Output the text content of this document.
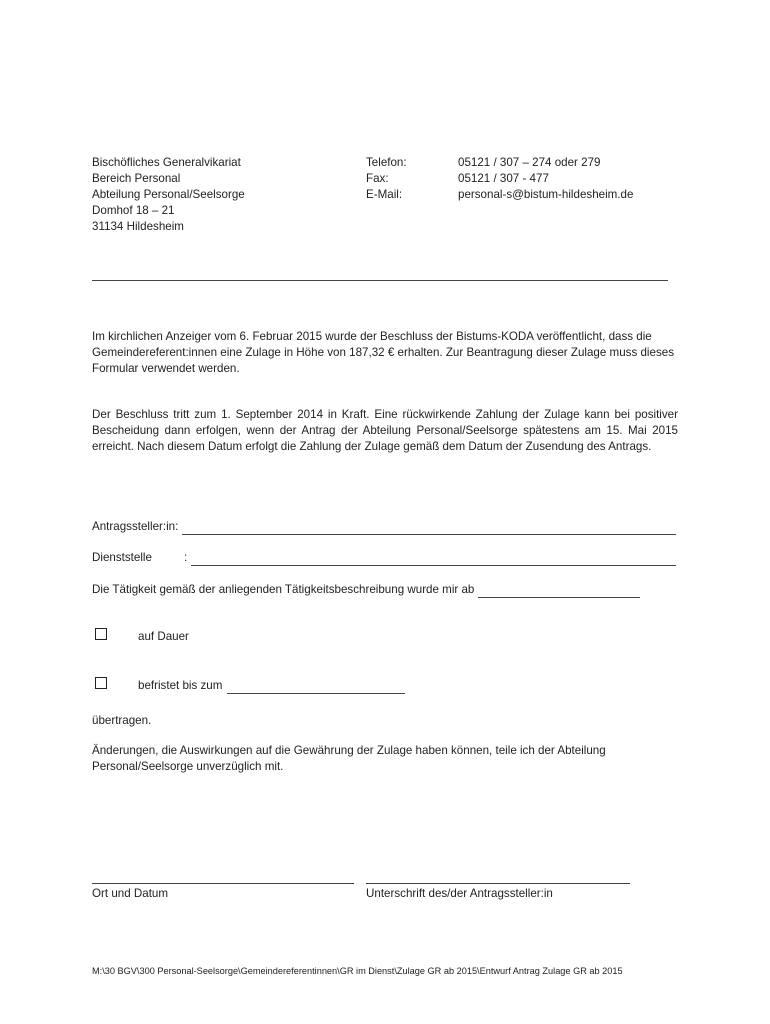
Bischöfliches Generalvikariat
Bereich Personal
Abteilung Personal/Seelsorge
Domhof 18 – 21
31134 Hildesheim
Telefon:
Fax:
E-Mail:
05121 / 307 – 274 oder 279
05121 / 307 - 477
personal-s@bistum-hildesheim.de
Im kirchlichen Anzeiger vom 6. Februar 2015 wurde der Beschluss der Bistums-KODA veröffentlicht, dass die Gemeindereferent:innen eine Zulage in Höhe von 187,32 € erhalten. Zur Beantragung dieser Zulage muss dieses Formular verwendet werden.
Der Beschluss tritt zum 1. September 2014 in Kraft. Eine rückwirkende Zahlung der Zulage kann bei positiver Bescheidung dann erfolgen, wenn der Antrag der Abteilung Personal/Seelsorge spätestens am 15. Mai 2015 erreicht. Nach diesem Datum erfolgt die Zahlung der Zulage gemäß dem Datum der Zusendung des Antrags.
Antragssteller:in:
Dienststelle	:
Die Tätigkeit gemäß der anliegenden Tätigkeitsbeschreibung wurde mir ab
auf Dauer
befristet bis zum
übertragen.
Änderungen, die Auswirkungen auf die Gewährung der Zulage haben können, teile ich der Abteilung Personal/Seelsorge unverzüglich mit.
Ort und Datum	Unterschrift des/der Antragssteller:in
M:\30 BGV\300 Personal-Seelsorge\Gemeindereferentinnen\GR im Dienst\Zulage GR ab 2015\Entwurf Antrag Zulage GR ab 2015
